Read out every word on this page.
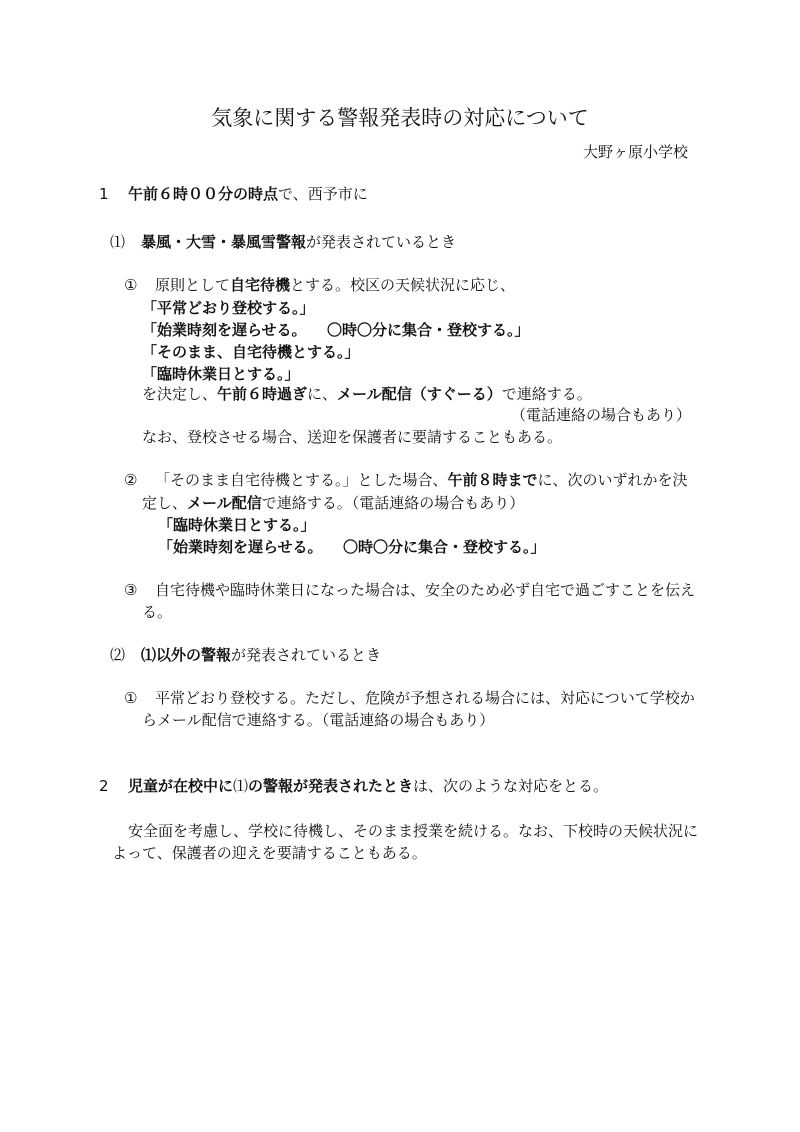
気象に関する警報発表時の対応について
大野ヶ原小学校
1 午前６時００分の時点で、西予市に
⑴ 暴風・大雪・暴風雪警報が発表されているとき
① 原則として自宅待機とする。校区の天候状況に応じ、
「平常どおり登校する。」
「始業時刻を遅らせる。 〇時〇分に集合・登校する。」
「そのまま、自宅待機とする。」
「臨時休業日とする。」
を決定し、午前６時過ぎに、メール配信（すぐーる）で連絡する。
（電話連絡の場合もあり）
なお、登校させる場合、送迎を保護者に要請することもある。
② 「そのまま自宅待機とする。」とした場合、午前８時までに、次のいずれかを決
定し、メール配信で連絡する。（電話連絡の場合もあり）
「臨時休業日とする。」
「始業時刻を遅らせる。 〇時〇分に集合・登校する。」
③ 自宅待機や臨時休業日になった場合は、安全のため必ず自宅で過ごすことを伝え
る。
⑵ ⑴以外の警報が発表されているとき
① 平常どおり登校する。ただし、危険が予想される場合には、対応について学校か
らメール配信で連絡する。（電話連絡の場合もあり）
2 児童が在校中に⑴の警報が発表されたときは、次のような対応をとる。
安全面を考慮し、学校に待機し、そのまま授業を続ける。なお、下校時の天候状況に
よって、保護者の迎えを要請することもある。
